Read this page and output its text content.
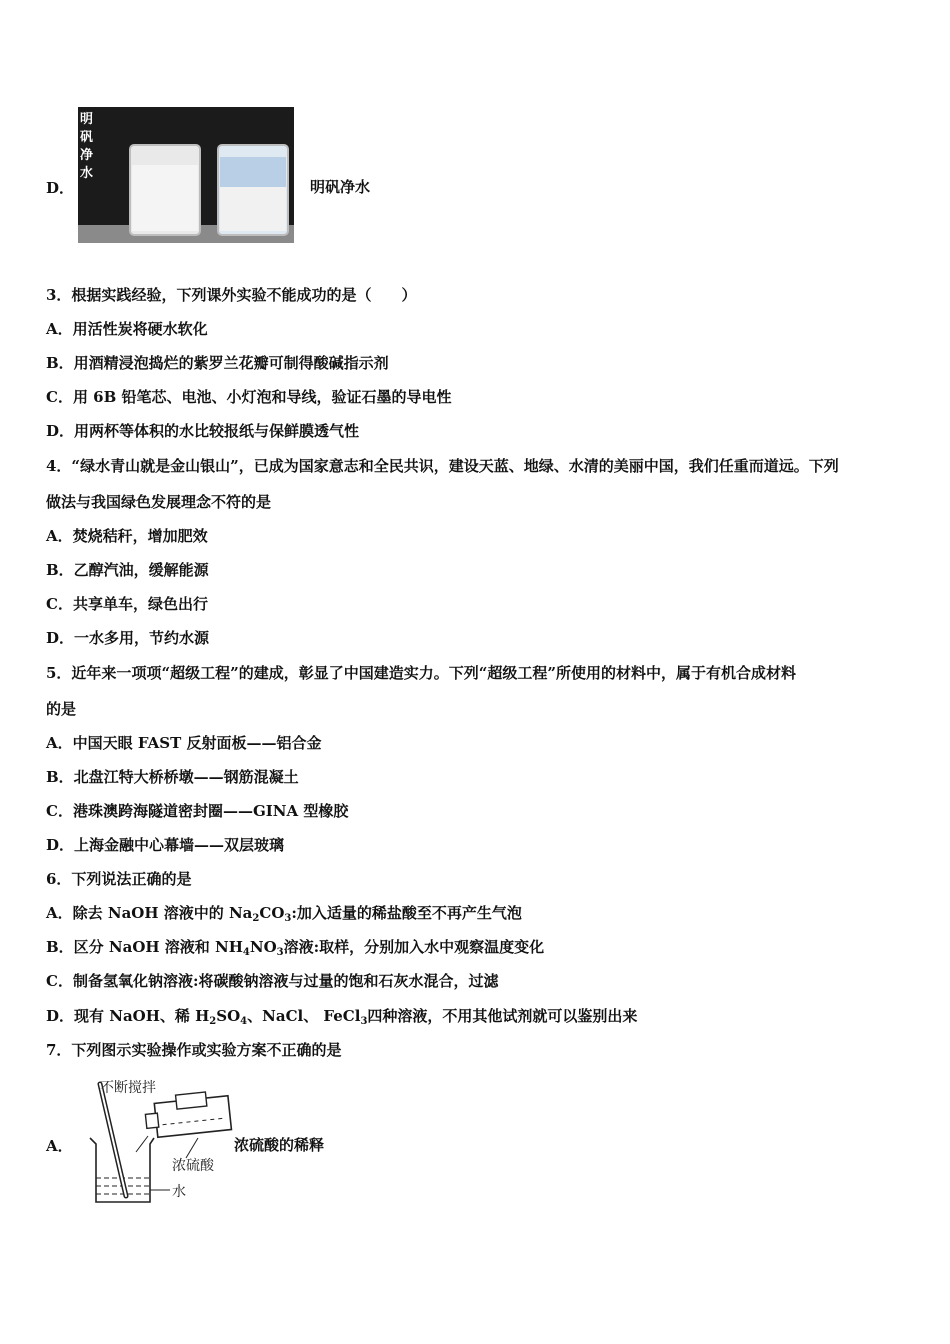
D．
明
矾
净
水
明矾净水
3．根据实践经验，下列课外实验不能成功的是（　　）
A．用活性炭将硬水软化
B．用酒精浸泡捣烂的紫罗兰花瓣可制得酸碱指示剂
C．用 6B 铅笔芯、电池、小灯泡和导线，验证石墨的导电性
D．用两杯等体积的水比较报纸与保鲜膜透气性
4．“绿水青山就是金山银山”，已成为国家意志和全民共识，建设天蓝、地绿、水清的美丽中国，我们任重而道远。下列
做法与我国绿色发展理念不符的是
A．焚烧秸秆，增加肥效
B．乙醇汽油，缓解能源
C．共享单车，绿色出行
D．一水多用，节约水源
5．近年来一项项“超级工程”的建成，彰显了中国建造实力。下列“超级工程”所使用的材料中，属于有机合成材料
的是
A．中国天眼 FAST 反射面板——铝合金
B．北盘江特大桥桥墩——钢筋混凝土
C．港珠澳跨海隧道密封圈——GINA 型橡胶
D．上海金融中心幕墙——双层玻璃
6．下列说法正确的是
A．除去 NaOH 溶液中的 $Na_2CO_3$:加入适量的稀盐酸至不再产生气泡
B．区分 NaOH 溶液和 $NH_4NO_3$溶液:取样，分别加入水中观察温度变化
C．制备氢氧化钠溶液:将碳酸钠溶液与过量的饱和石灰水混合，过滤
D．现有 NaOH、稀 $H_2SO_4$、NaCl、 FeCl$_3$四种溶液，不用其他试剂就可以鉴别出来
7．下列图示实验操作或实验方案不正确的是
A．
不断搅拌
浓硫酸
水
浓硫酸的稀释
